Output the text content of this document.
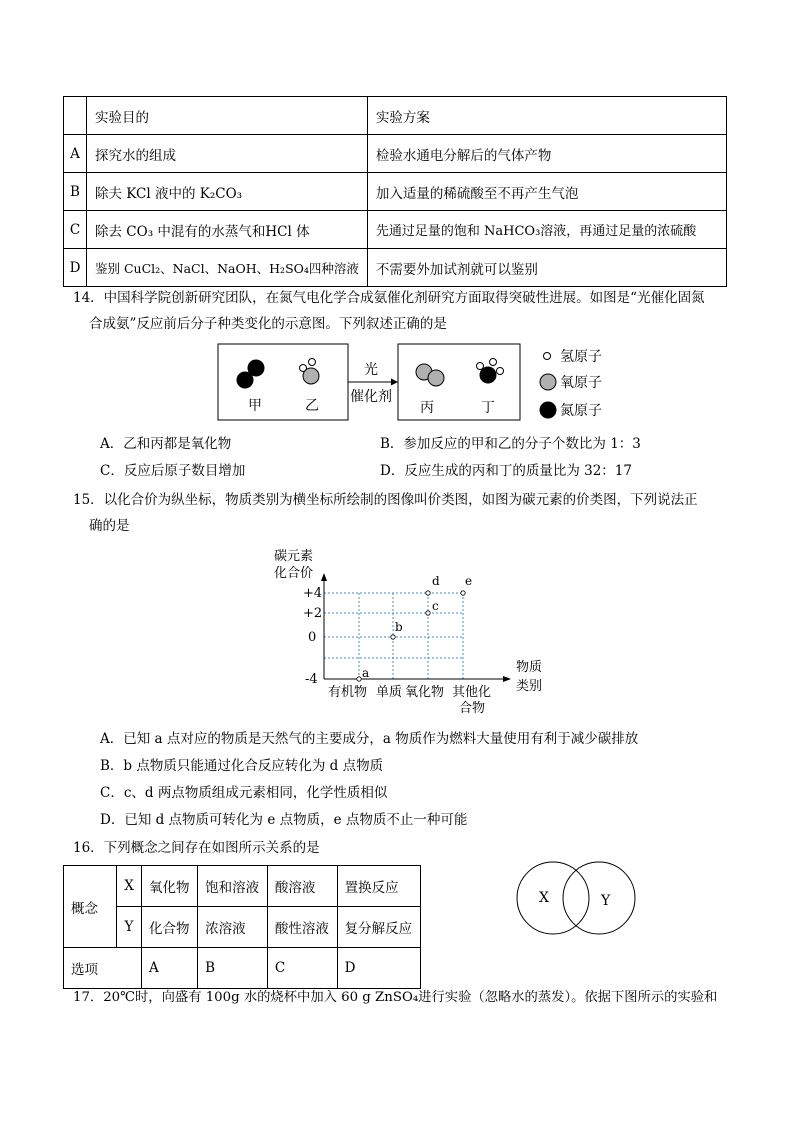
	实验目的	实验方案
A	探究水的组成	检验水通电分解后的气体产物
B	除夫 KCl 液中的 K₂CO₃	加入适量的稀硫酸至不再产生气泡
C	除去 CO₃ 中混有的水蒸气和HCl 体	先通过足量的饱和 NaHCO₃溶液，再通过足量的浓硫酸
D	鉴别 CuCl₂、NaCl、NaOH、H₂SO₄四种溶液	不需要外加试剂就可以鉴别
14．中国科学院创新研究团队，在氮气电化学合成氨催化剂研究方面取得突破性进展。如图是“光催化固氮
合成氨”反应前后分子种类变化的示意图。下列叙述正确的是
甲	乙	丙	丁
光
催化剂
氢原子
氧原子
氮原子
A．乙和丙都是氧化物	B．参加反应的甲和乙的分子个数比为 1：3
C．反应后原子数目增加	D．反应生成的丙和丁的质量比为 32：17
15．以化合价为纵坐标，物质类别为横坐标所绘制的图像叫价类图，如图为碳元素的价类图，下列说法正
确的是
碳元素
化合价
+4
+2
0
-4
有机物 单质 氧化物 其他化
合物
物质
类别
a
b
c
d e
A．已知 a 点对应的物质是天然气的主要成分，a 物质作为燃料大量使用有利于减少碳排放
B．b 点物质只能通过化合反应转化为 d 点物质
C．c、d 两点物质组成元素相同，化学性质相似
D．已知 d 点物质可转化为 e 点物质，e 点物质不止一种可能
16．下列概念之间存在如图所示关系的是
概念	X	氧化物	饱和溶液	酸溶液	置换反应
	Y	化合物	浓溶液	酸性溶液	复分解反应
选项		A	B	C	D
X	Y
17．20℃时，向盛有 100g 水的烧杯中加入 60 g ZnSO₄进行实验（忽略水的蒸发）。依据下图所示的实验和
